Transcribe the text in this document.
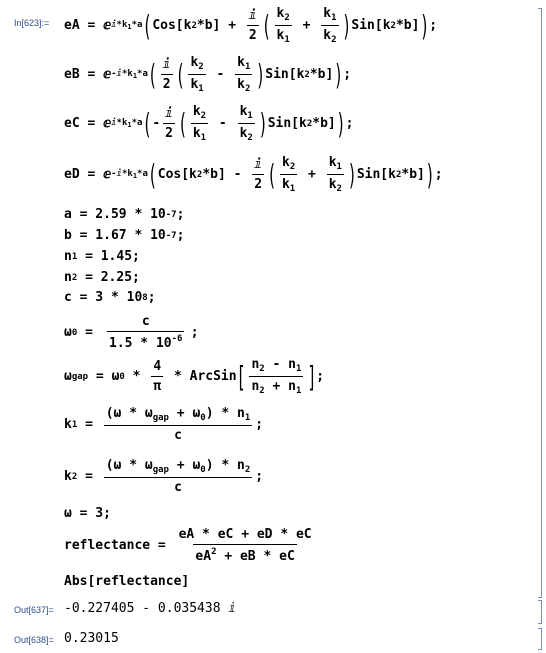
In[623]:= eA = ⅇ $ⅈ*k_1*a$ ( Cos[k 2 $*b] + \frac{\text{ⅈ}}{2}$ ( $\frac{k_2}{k_1} + \frac{k_1}{k_2}$ ) Sin[k 2 *b] ) ;
eB = ⅇ $-ⅈ*k_1*a$ ( $\frac{\text{ⅈ}}{2}$ ( $\frac{k_2}{k_1} - \frac{k_1}{k_2}$ ) Sin[k 2 *b] ) ;
eC = ⅇ $ⅈ*k_1*a$ ( - $\frac{\text{ⅈ}}{2}$ ( $\frac{k_2}{k_1} - \frac{k_1}{k_2}$ ) Sin[k 2 *b] ) ;
eD = ⅇ $-ⅈ*k_1*a$ ( Cos[k 2 $*b] - \frac{\text{ⅈ}}{2}$ ( $\frac{k_2}{k_1} + \frac{k_1}{k_2}$ ) Sin[k 2 *b] ) ;
a = 2.59 * 10 -7 ;
b = 1.67 * 10 -7 ;
n 1 = 1.45;
n 2 = 2.25;
c = 3 * 10 8 ;
ω $0 = \frac{c}{1.5 * 10^{-6}}$ ;
ω gap = ω $0 * \frac{4}{\pi}$ * ArcSin [ $\frac{n_2 - n_1}{n_2 + n_1}$ ] ;
k $1 = \frac{(\omega * \omega_{gap} + \omega_0) * n_1}{c}$ ;
k $2 = \frac{(\omega * \omega_{gap} + \omega_0) * n_2}{c}$ ;
ω = 3;
reflectance = $\frac{eA * eC + eD * eC}{eA^2 + eB * eC}$
Abs[reflectance]
Out[637]= -0.227405 - 0.035438 ⅈ
Out[638]= 0.23015
